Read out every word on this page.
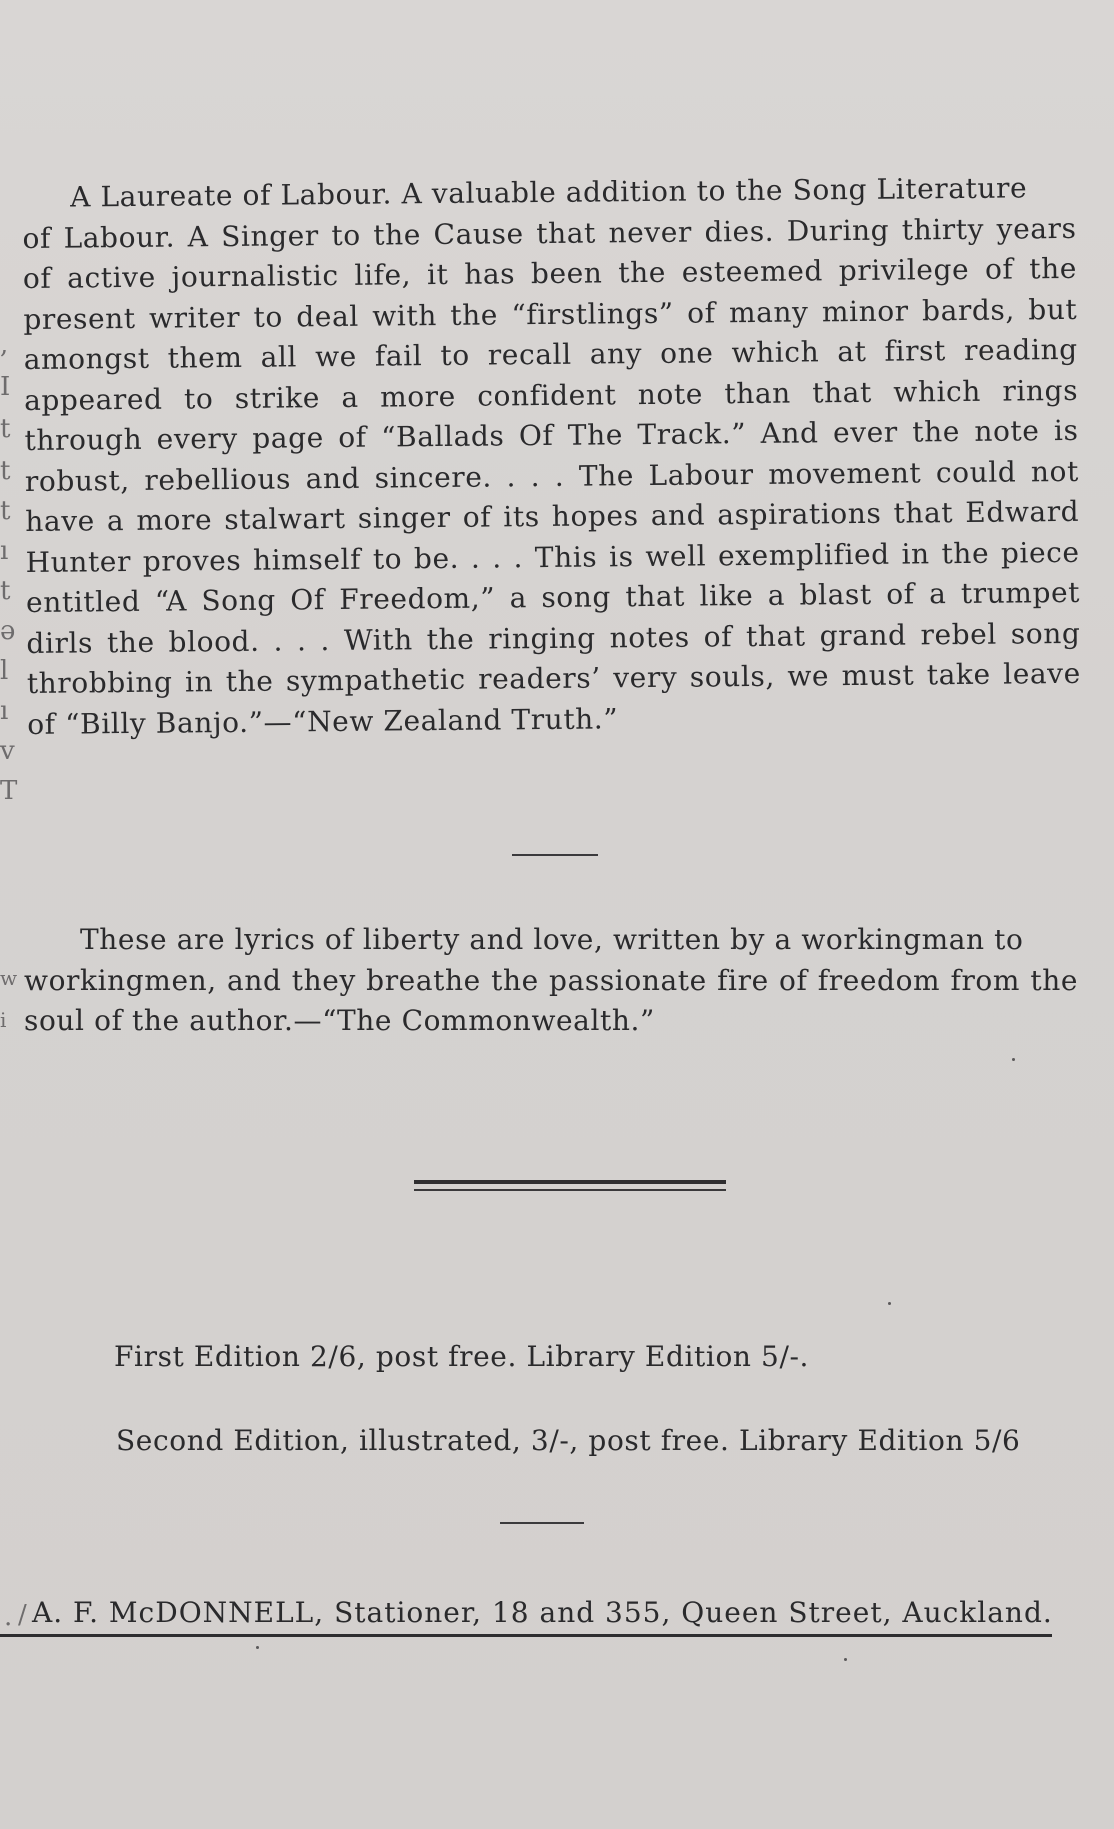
,
I
t
t
t
ı
t
ə
l
ı
v
T
w
i
. /
A Laureate of Labour. A valuable addition to the Song Literature
of Labour. A Singer to the Cause that never dies. During thirty years of active journalistic life, it has been the esteemed privilege of the present writer to deal with the “firstlings” of many minor bards, but amongst them all we fail to recall any one which at first reading appeared to strike a more confident note than that which rings through every page of “Ballads Of The Track.” And ever the note is robust, rebellious and sincere. . . . The Labour movement could not have a more stalwart singer of its hopes and aspirations that Edward Hunter proves himself to be. . . . This is well exemplified in the piece entitled “A Song Of Freedom,” a song that like a blast of a trumpet dirls the blood. . . . With the ringing notes of that grand rebel song throbbing in the sympathetic readers’ very souls, we must take leave of “Billy Banjo.”—“New Zealand Truth.”
These are lyrics of liberty and love, written by a workingman to
workingmen, and they breathe the passionate fire of freedom from the soul of the author.—“The Commonwealth.”
First Edition 2/6, post free. Library Edition 5/-.
Second Edition, illustrated, 3/-, post free. Library Edition 5/6
A. F. McDONNELL, Stationer, 18 and 355, Queen Street, Auckland.
